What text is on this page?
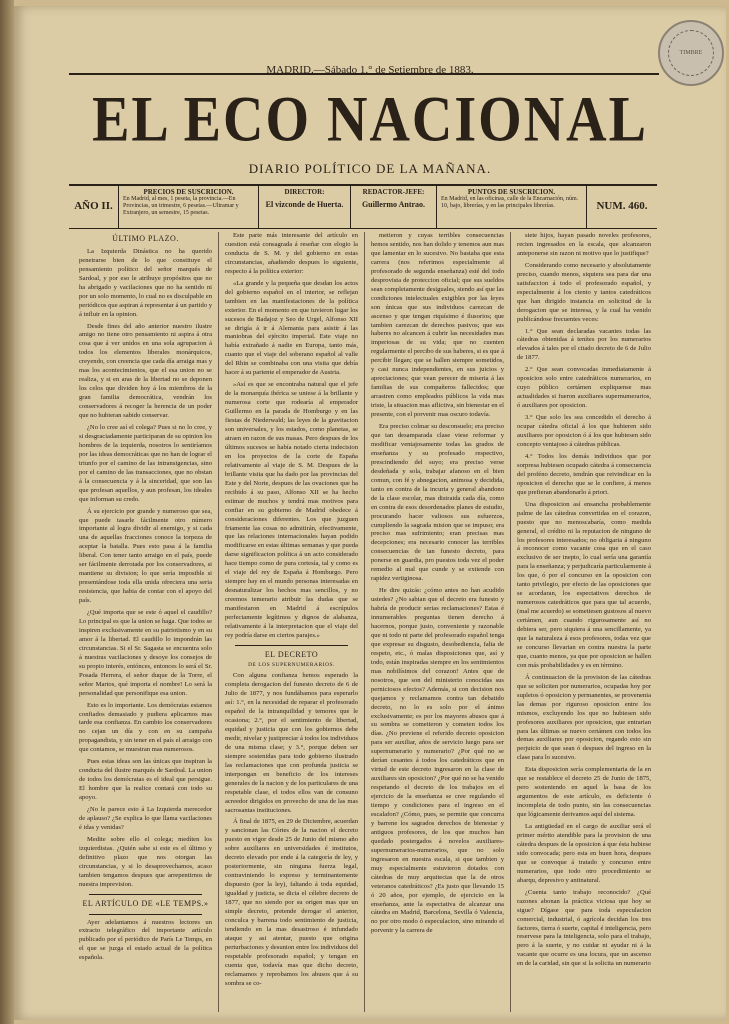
TIMBRE
MADRID.—Sábado 1.° de Setiembre de 1883.
EL ECO NACIONAL
DIARIO POLÍTICO DE LA MAÑANA.
AÑO II.
PRECIOS DE SUSCRICION.
En Madrid, al mes, 1 peseta, la provincia.—En Provincias, un trimestre, 6 pesetas.—Ultramar y Extranjero, un semestre, 15 pesetas.
DIRECTOR:
El vizconde de Huerta.
REDACTOR-JEFE:
Guillermo Antrao.
PUNTOS DE SUSCRICION.
En Madrid, en las oficinas, calle de la Encarnación, núm. 10, bajo, librerías, y en las principales librerías.	NUM. 460.
ÚLTIMO PLAZO.

La Izquierda Dinástica no ha querido penetrarse bien de lo que constituye el pensamiento político del señor marqués de Sardoal, y por eso le atribuye propósitos que no ha abrigado y vacilaciones que no ha sentido ni por un solo momento, lo cual no es disculpable en periódicos que aspiran á representar á un partido y á influir en la opinion.

Desde fines del año anterior nuestro ilustre amigo no tiene otro pensamiento ni aspira á otra cosa que á ver unidos en una sola agrupacion á todos los elementos liberales monárquicos, creyendo, con creencia que cada día arraiga mas y mas los acontecimientos, que el esa union no se realiza, y si en aras de la libertad no se deponen los celos que dividen hoy á los miembros de la gran familia democrática, vendrán los conservadores á recoger la herencia de un poder que no hubieran sabido conservar.

¿No lo cree así el colega? Pues si no lo cree, y si desgraciadamente participaran de su opinion los hombres de la izquierda, nosotros lo sentiríamos por las ideas democráticas que no han de lograr el triunfo por el camino de las intransigencias, sino por el camino de las transacciones, que no obstan á la consecuencia y á la sinceridad, que son las que profesan aquellos, y aun profesan, los ideales que informan su credo.

Á su ejercicio por grande y numeroso que sea, que puede tasarle fácilmente otro número importante al logra dividir al enemigo, y si cada una de aquellas fracciones conoce la torpeza de aceptar la batalla. Pues esto pasa á la familia liberal. Con tener tanto arraigo en el país, puede ser fácilmente derrotada por los conservadores, si mantiene su division; lo que sería imposible si presentándose toda ella unida ofreciera una seria resistencia, que habia de contar con el apoyo del país.

¿Qué importa que se este ó aquel el caudillo? Lo principal es que la union se haga. Que todos se inspiren exclusivamente en su patriotismo y en su amor á la libertad. El caudillo lo impondrán las circunstancias. Si el Sr. Sagasta se encuentra solo á nuestras vacilaciones y desoye los consejos de su propio interés, entónces, entonces lo será el Sr. Posada Herrera, el señor duque de la Torre, el señor Martos, qué importa el nombre! Lo será la personalidad que personifique esa union.

Esto es lo importante. Los demócratas estamos confiados demasiado y pudiera aplicarnos mas tarde esa confianza. En cambio los conservadores no cejan un día y con en su campaña propagandista, y sin tener en el país el arraigo con que contamos, se muestran mas numerosos.

Pues estas ideas son las únicas que inspiran la conducta del ilustre marqués de Sardoal. La union de todos los demócratas es el ideal que persigue. El hombre que la realice contará con todo su apoyo.

¿No le parece esto á La Izquierda merecedor de aplauso? ¿Se explica lo que llama vacilaciones é idas y venidas?

Medite sobre ello el colega; medíten los izquierdistas. ¿Quién sabe si este es el último y definitivo plazo que nos otorgan las circunstancias, y si lo desaprovechamos, acaso tambien tengamos despues que arrepentirnos de nuestra imprevision.

EL ARTÍCULO DE «LE TEMPS.»

Ayer adelantamos á nuestros lectores un extracto telegráfico del importante artículo publicado por el periódico de París Le Temps, en el que se juzga el estado actual de la política española.

Este parte más interesante del artículo en cuestion está consagrada á reseñar con elogio la conducta de S. M. y del gobierno en estas circunstancias, añadiendo despues lo siguiente, respecto á la política exterior:

«La grande y la pequeña que desdan los actos del gobierno español en el interior, se reflejan tambien en las manifestaciones de la política exterior. En el momento en que tuvieron lugar los sucesos de Badajoz y Seo de Urgel, Alfonso XII se dirigía á ir á Alemania para asistir á las maniobras del ejército imperial. Este viaje no había extrañado á nadie en Europa, tanto más, cuanto que el viaje del soberano español al valle del Rhin se combinaba con una visita que debía hacer á su pariente el emperador de Austria.

»Así es que se encontraba natural que el jefe de la monarquía ibérica se uniese á la brillante y numerosa corte que rodearía al emperador Guillermo en la parada de Homburgo y en las fiestas de Niederwald; las leyes de la gravitacion son universales, y los estados, como planetas, se atraen en razon de sus masas. Pero despues de los últimos sucesos se había notado cierta indecision en los proyectos de la corte de España relativamente al viaje de S. M. Despues de la brillante visita que ha dado por las provincias del Este y del Norte, despues de las ovaciones que ha recibido á su paso, Alfonso XII se ha hecho estimar de muchos y tendrá mas motivos para confiar en su gobierno de Madrid obedece á consideraciones diferentes. Los que juzguen friamente las cosas no admitirán, efectivamente, que las relaciones internacionales hayan podido modificarse en estas últimas semanas y que pueda darse significacion política á un acto considerado hace tiempo como de pura cortesía, tal y como es el viaje del rey de España á Homburgo. Pero siempre hay en el mundo personas interesadas en desnaturalizar los hechos mas sencillos, y no creemos temerario atribuir las dudas que se manifestaron en Madrid á escrúpulos perfectamente legítimos y dignos de alabanza, relativamente á la interpretacion que el viaje del rey podría darse en ciertos parajes.»

EL DECRETO
DE LOS SUPERNUMERARIOS.

Con alguna confianza hemos esperado la completa derogacion del funesto decreto de 6 de Julio de 1877, y nos fundábamos para esperarlo así: 1.°, en la necesidad de reparar el profesorado español de la intranquilidad y temores que le ocasiona; 2.°, por el sentimiento de libertad, equidad y justicia que con los gobiernos debe medir, nivelar y justipreciar á todos los individuos de una misma clase; y 3.°, porque deben ser siempre sostenidas para todo gobierno ilustrado las reclamaciones que con profunda justicia se interpongan en beneficio de los intereses generales de la nacion y de los particulares de una respetable clase, el todos ellos van de consuno acreedor dirigidos en provecho de una de las mas sacrosantas instituciones.

Á final de 1875, en 29 de Diciembre, acuerdan y sancionan las Córtes de la nacion el decreto puesto en vigor desde 25 de Junio del mismo año sobre auxiliares en universidades é institutos, decreto elevado por ende á la categoría de ley, y posteriormente, sin ninguna fuerza legal, contraviniendo lo expreso y terminantemente dispuesto (por la ley), faltando á toda equidad, igualdad y justicia, se dicta el célebre decreto de 1877, que no siendo por su origen mas que un simple decreto, pretende derogar el anterior, conculca y barrena todo sentimiento de justicia, tendiendo en la mas desastroso é infundado ataque y asi atentar, puesto que origina perturbaciones y desunion entre los individuos del respetable profesorado español; y tengan en cuenta que, todavía mas que dicho decreto, reclamamos y reprobamos los abusos que á su sombra se co-

metieron y cuyas terribles consecuencias hemos sentido, nos han dolido y tenemos aun mas que lamentar en lo sucesivo. No bastaba que esta carrera (nos referimos especialmente al profesorado de segunda enseñanza) esté del todo desprovista de proteccion oficial; que sus sueldos sean completamente desiguales, siendo así que las condiciones intelectuales exigibles por las leyes son únicas que sus individuos carezcan de ascenso y que tengan riquísimo é ilusorios; que tambien carezcan de derechos pasivos; que sus haberes no alcancen á cubrir las necesidades mas imperiosas de su vida; que no cuenten regularmente el percibo de sus haberes, si es que á percibir llegan; que se hallen siempre sometidos, y casi nunca independientes, en sus juicios y apreciaciones; que vean perecer de miseria á las familias de sus compañeros fallecidos; que arrastren como empleados públicos la vida mas triste, la situacion mas aflictiva, sin bienestar en el presente, con el porvenir mas oscuro todavía.

Era preciso colmar su desconsuelo; era preciso que tan desamparada clase viese reformar y modificar ventajosamente todas las grados de enseñanza y su profesado respectivo, prescindiendo del suyo; era preciso verse desdeñada y sola, trabajar afanoso en el bien comun, con fé y abnegacion, animosa y decidida, tanto en contra de la incuria y general abandono de la clase escolar, mas distraida cada día, como en contra de esos desordenados planes de estudio, procurando hacer valiosos sus esfuerzos, cumpliendo la sagrada mision que se impuso; era preciso mas sufrimiento; eran precisas mas decepciones; era necesario conocer las terribles consecuencias de tan funesto decreto, para ponerse en guardia, pro puestos toda vez el poder remedio al mal que cunde y se extiende con rapidez vertiginosa.

He dire quizás: ¿cómo antes no han acudido ustedes? ¿No sabian que el decreto era funesto y habría de producir serias reclamaciones? Estas é innumerables preguntas tienen derecho á hacernos, porque justo, conveniente y razonable que ni todo ni parte del profesorado español tenga que expresar su disgusto, desobediencia, falta de respeto, etc., ó malas disposiciones que, así y todo, están inspiradas siempre en los sentimientos mas nobilísimos del corazon! Antes que de nosotros, que son del ministerio conocidas sus perniciosos efectos? Además, si con decision nos quejamos y reclamamos contra tan debatido decreto, no lo es solo por el ánimo exclusivamente; es por los mayores abusos que á su sombra se cometieron y cometen todos los días. ¿No previene el referido decreto oposicion para ser auxiliar, años de servicio luego para ser supernumerario y numerario? ¿Por qué no se derían cesantes á todos los catedráticos que en virtud de este decreto ingresaron en la clase de auxiliares sin oposicion? ¿Por qué no se ha venido respetando el decreto de los trabajos en el ejercicio de la enseñanza se cree regulando el tiempo y condiciones para el ingreso en el escalafon? ¿Cómo, pues, se permite que concurra y barrene los sagrados derechos de bienestar y antiguos profesores, de los que muchos han quedado postergados á novelos auxiliares-supernumerarios-numerarios, que no solo ingresaron en nuestra escala, si que tambien y muy especialmente estuvieron dotados con cátedras de muy arquitectas que la de otros veteranos catedráticos? ¿Es justo que llevando 15 ó 20 años, por ejemplo, de ejercicio en la enseñanza, ante la espectativa de alcanzar una cátedra en Madrid, Barcelona, Sevilla ó Valencia, no por otro modo ó especulacion, sino mirando el porvenir y la carrera de

siete hijos, hayan pasado noveles profesores, recien ingresados en la escala, que alcanzaron anteponerse sin razon ni motivo que lo justifique?

Considerando como necesario y absolutamente preciso, cuando menos, siquiera sea para dar una satisfaccion á todo el profesorado español, y especialmente á los ciento y tantos catedráticos que han dirigido instancia en solicitud de la derogacion que se interesa, y la cual ha venido publicándose frecuentes veces:

1.° Que sean declaradas vacantes todas las cátedras obtenidas á tenítes por los numerarios elevados á tales por el citado decreto de 6 de Julio de 1877.

2.° Que sean convocadas inmediatamente á oposicion solo entre catedráticos numerarios, en cuyo público certámen expliquense mas actualidades si fueron auxiliares supernumerarios, ó auxiliares por oposicion.

3.° Que solo les sea concedido el derecho á ocupar cátedra oficial á los que hubieren sido auxiliares por oposicion ó á los que hubiesen sido concepto ventajoso á cátedras públicas.

4.° Todos los demás individuos que por sorpresa hubiesen ocupado cátedra á consecuencia del proféno decreto, tendrán que reivindicar en la oposicion el derecho que se le confiere, á menos que prefieran abandonarlo á priori.

Una disposicion así ensancha probablemente palme de las cátedras convertidas en el corazon, puesto que no menoscabaría, como medida general, el crédito ni la reputacion de ninguno de los profesores interesados; no obligaria á ninguno á reconocer como vacante cosa que en el caso exclusivo de ser inepto, lo cual sería una garantía para la enseñanza; y perjudicaría particularmente á los que, ó por el concurso en la oposicion con tanto privilegio, por efecto de las oposiciones que se acordaran, los espectativos derechos de numerosos catedráticos que para que tal acuerdo, (mal me acuerdo) se sometiesen gustosos al nuevo certámen, aun cuando rigurosamente así no debiera ser, pero siquiera á una sencillamente, ya que la naturaleza á esos profesores, todas vez que se concurso llevarian en contra nuestra la parte que, cuanto menos, ya que por oposicion se hallen con más probabilidades y es en término.

Á continuacion de la provision de las cátedras que se soliciten por numerarios, ocupadas hoy por supletos ó oposicion y permanentes, se provenenia las demas por riguroso oposicion entre los mismos, excluyendo los que no hubiesen sido profesores auxiliares por oposicion, que entrarian para las últimas se nuevo certámen con todos los demas auxiliares por oposicion, regando esto sin perjuicio de que sean ó despues del ingreso en la clase para lo sucesivo.

Esta disposicion sería complementaria de la en que se restablece el decreto 25 de Junio de 1875, pero sosteniendo en aquel la basa de los argumentos de este artículo, es deficiente ó incompleta de todo punto, sin las consecuencias que lógicamente derivamos aquí del sistema.

La antigüedad en el cargo de auxiliar será el primer mérito atendible para la provision de una cátedra despues de la oposicion á que ésta hubiese sido convocada; pero esta en buen hora, despues que se convoque á tratado y concurso entre numerarios, que todo otro procedimiento se abarqu, depresivo y antinatural.

¿Cuenta tanto trabajo reconocido? ¿Qué razones abonan la práctica viciosa que hoy se sigue? Dígase que para toda especulacion comercial, industrial, ó agrícola decidan los tres factores, tierra ó suerte, capital é inteligencia, pero reservese para la inteligencia, solo para el trabajo, pero á la suerte, y no cuidar ni ayudar ni á la vacante que ocurre es una locura, que un ascenso en de la caridad, sin que si la solicita un numerario
